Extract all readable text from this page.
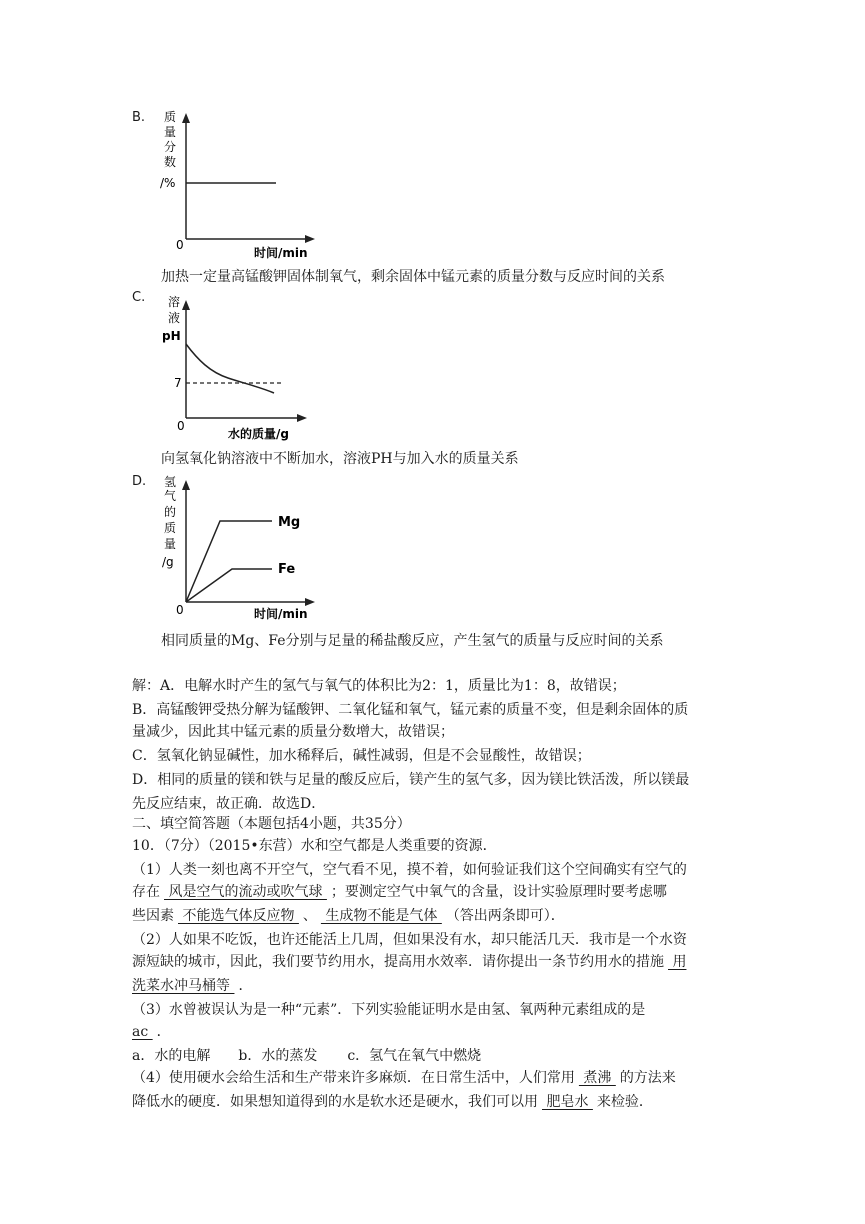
B. 质
量
分
数
/%
0
时间/min
加热一定量高锰酸钾固体制氧气，剩余固体中锰元素的质量分数与反应时间的关系
C. 溶
液
pH
7
0
水的质量/g
向氢氧化钠溶液中不断加水，溶液PH与加入水的质量关系
D. 氢
气
的
质
量
/g
Mg
Fe
0	时间/min
相同质量的Mg、Fe分别与足量的稀盐酸反应，产生氢气的质量与反应时间的关系
解：A．电解水时产生的氢气与氧气的体积比为2：1，质量比为1：8，故错误；
B．高锰酸钾受热分解为锰酸钾、二氧化锰和氧气，锰元素的质量不变，但是剩余固体的质
量减少，因此其中锰元素的质量分数增大，故错误；
C．氢氧化钠显碱性，加水稀释后，碱性减弱，但是不会显酸性，故错误；
D．相同的质量的镁和铁与足量的酸反应后，镁产生的氢气多，因为镁比铁活泼，所以镁最
先反应结束，故正确．故选D．
二、填空简答题（本题包括4小题，共35分）
10．（7分）（2015•东营）水和空气都是人类重要的资源．
（1）人类一刻也离不开空气，空气看不见，摸不着，如何验证我们这个空间确实有空气的
存在 风是空气的流动或吹气球 ；要测定空气中氧气的含量，设计实验原理时要考虑哪
些因素 不能选气体反应物 、 生成物不能是气体 （答出两条即可）．
（2）人如果不吃饭，也许还能活上几周，但如果没有水，却只能活几天．我市是一个水资
源短缺的城市，因此，我们要节约用水，提高用水效率．请你提出一条节约用水的措施 用
洗菜水冲马桶等 ．
（3）水曾被误认为是一种“元素”．下列实验能证明水是由氢、氧两种元素组成的是
ac ．
a．水的电解 b．水的蒸发 c．氢气在氧气中燃烧
（4）使用硬水会给生活和生产带来许多麻烦．在日常生活中，人们常用 煮沸 的方法来
降低水的硬度．如果想知道得到的水是软水还是硬水，我们可以用 肥皂水 来检验．
